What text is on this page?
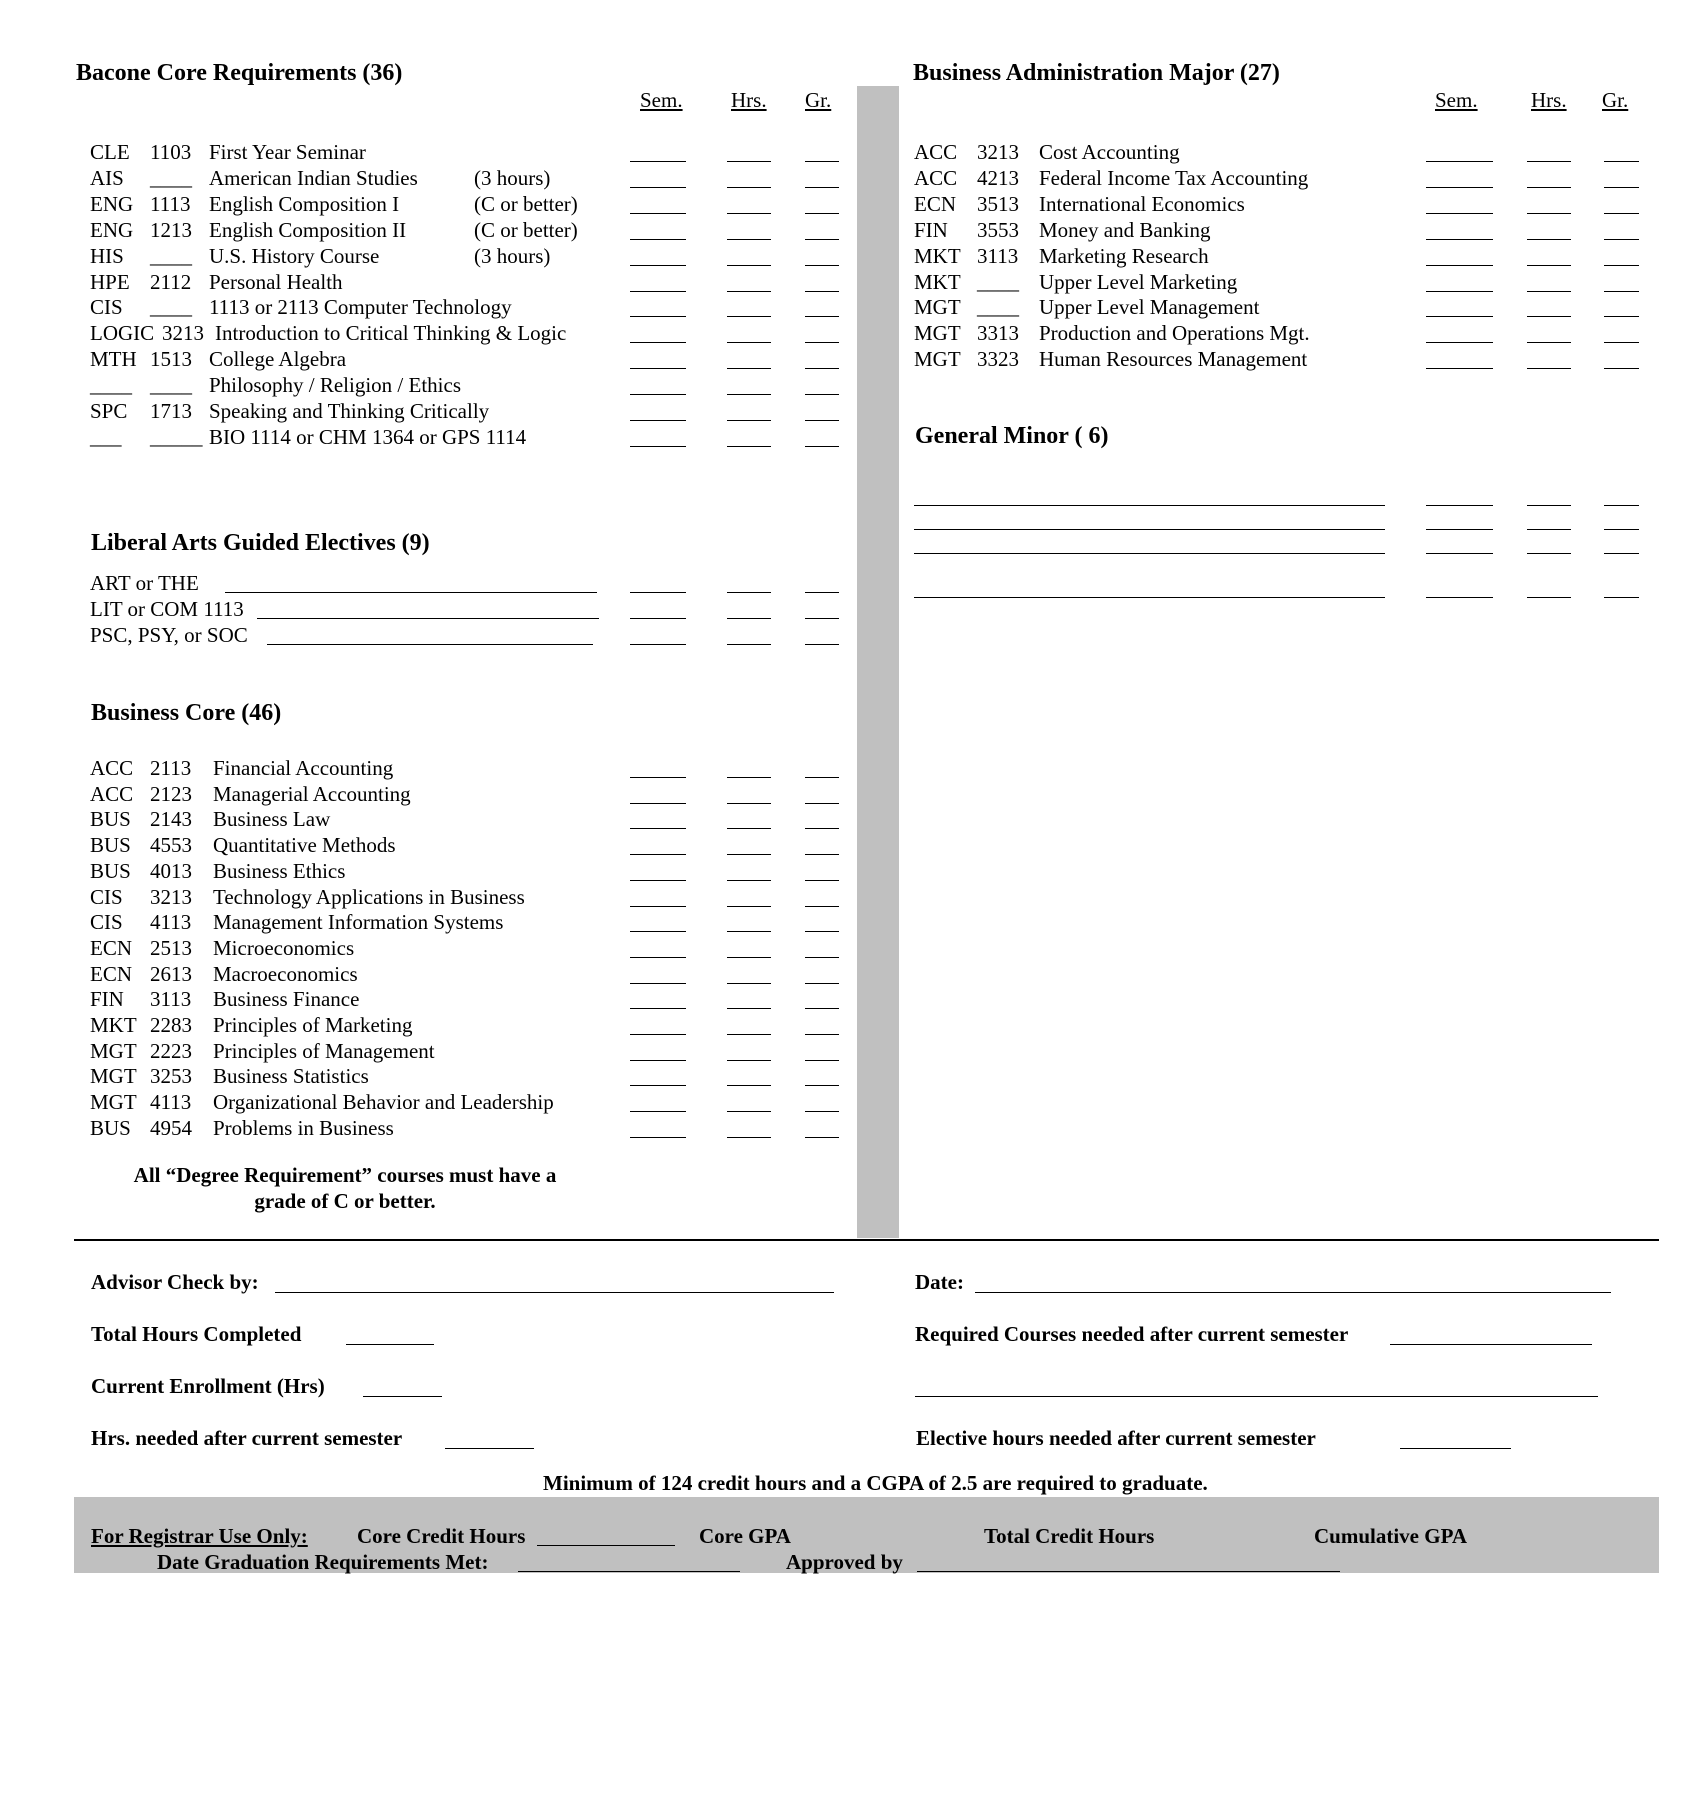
Bacone Core Requirements (36)
Sem. Hrs. Gr.
CLE 1103 First Year Seminar
AIS ____ American Indian Studies	(3 hours)
ENG 1113 English Composition I	(C or better)
ENG 1213 English Composition II	(C or better)
HIS ____ U.S. History Course	(3 hours)
HPE 2112 Personal Health
CIS ____ 1113 or 2113 Computer Technology
LOGIC 3213 Introduction to Critical Thinking & Logic
MTH 1513 College Algebra
____ ____ Philosophy / Religion / Ethics
SPC 1713 Speaking and Thinking Critically
___ _____ BIO 1114 or CHM 1364 or GPS 1114
Liberal Arts Guided Electives (9)
ART or THE
LIT or COM 1113
PSC, PSY, or SOC
Business Core (46)
ACC 2113 Financial Accounting
ACC 2123 Managerial Accounting
BUS 2143 Business Law
BUS 4553 Quantitative Methods
BUS 4013 Business Ethics
CIS 3213 Technology Applications in Business
CIS 4113 Management Information Systems
ECN 2513 Microeconomics
ECN 2613 Macroeconomics
FIN 3113 Business Finance
MKT 2283 Principles of Marketing
MGT 2223 Principles of Management
MGT 3253 Business Statistics
MGT 4113 Organizational Behavior and Leadership
BUS 4954 Problems in Business
All “Degree Requirement” courses must have a
grade of C or better.
Business Administration Major (27)
Sem.	Hrs. Gr.
ACC 3213 Cost Accounting
ACC 4213 Federal Income Tax Accounting
ECN 3513 International Economics
FIN 3553 Money and Banking
MKT 3113 Marketing Research
MKT ____ Upper Level Marketing
MGT ____ Upper Level Management
MGT 3313 Production and Operations Mgt.
MGT 3323 Human Resources Management
General Minor ( 6)
Advisor Check by:	Date:
Total Hours Completed	Required Courses needed after current semester
Current Enrollment (Hrs)
Hrs. needed after current semester	Elective hours needed after current semester
Minimum of 124 credit hours and a CGPA of 2.5 are required to graduate.
For Registrar Use Only: Core Credit Hours	Core GPA	Total Credit Hours	Cumulative GPA
Date Graduation Requirements Met:	Approved by
